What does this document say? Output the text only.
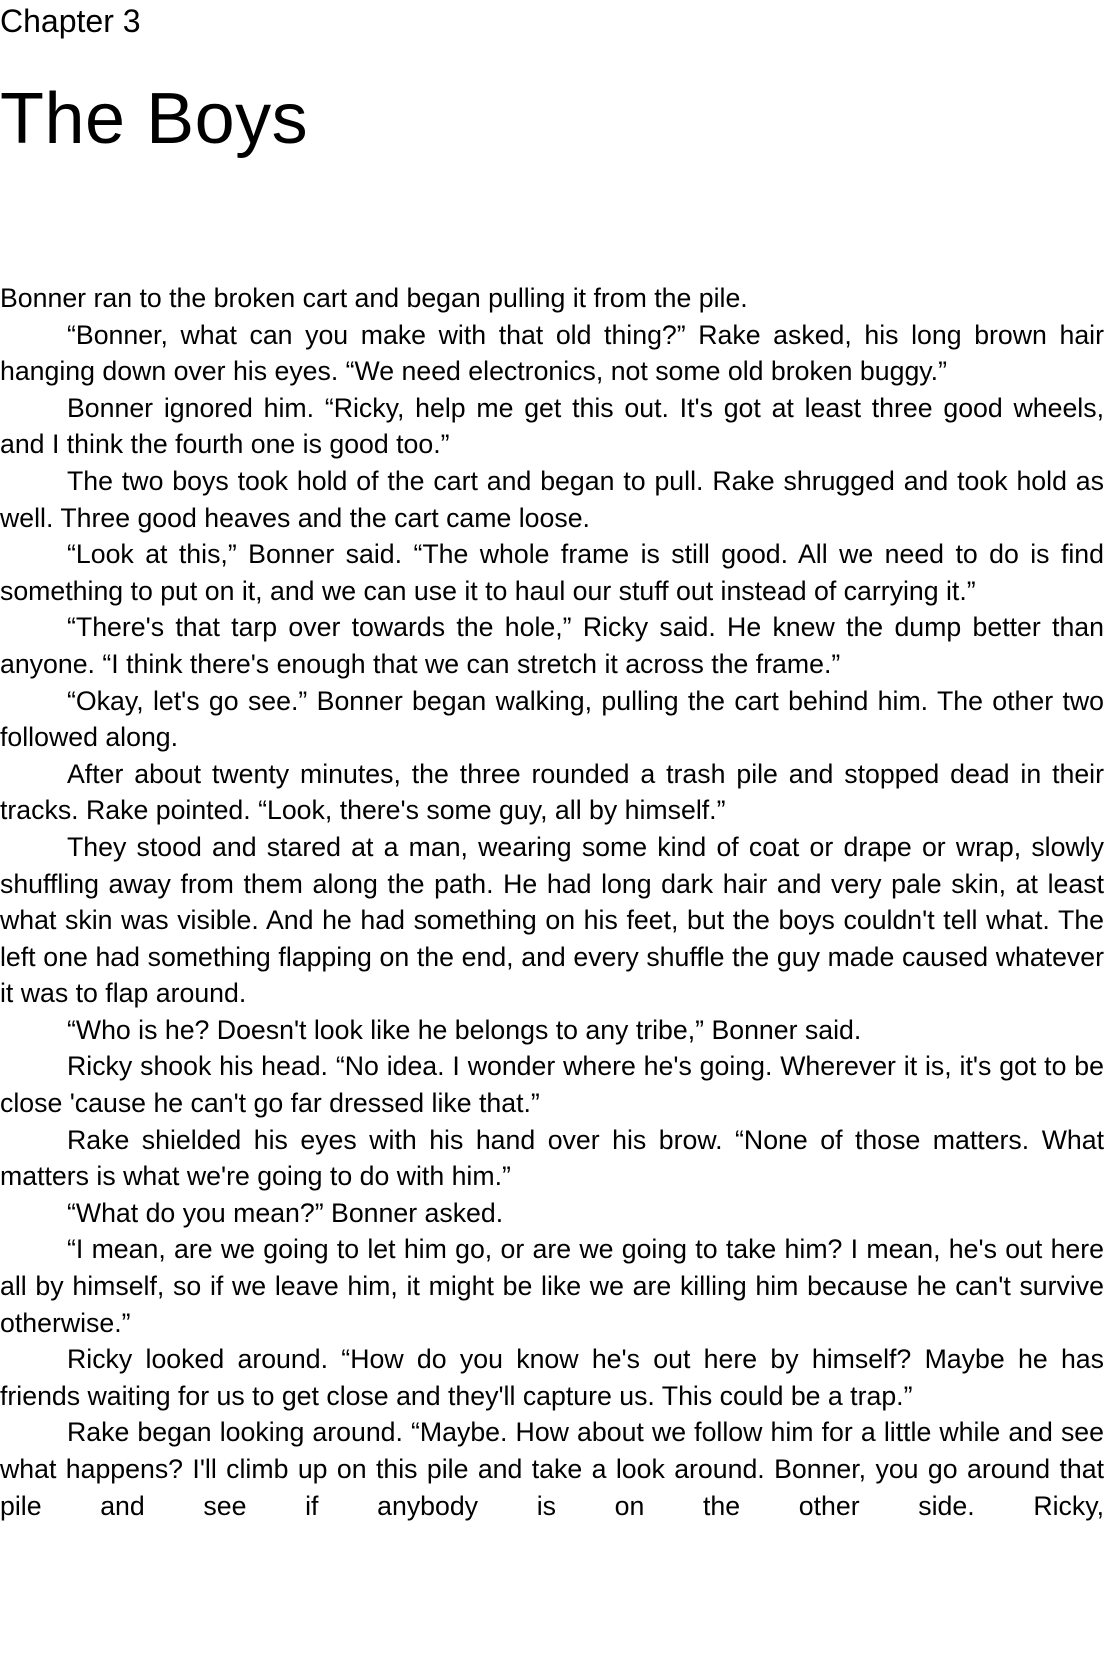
Chapter 3
The Boys

Bonner ran to the broken cart and began pulling it from the pile.

“Bonner, what can you make with that old thing?” Rake asked, his long brown hair hanging down over his eyes. “We need electronics, not some old broken buggy.”

Bonner ignored him. “Ricky, help me get this out. It's got at least three good wheels, and I think the fourth one is good too.”

The two boys took hold of the cart and began to pull. Rake shrugged and took hold as well. Three good heaves and the cart came loose.

“Look at this,” Bonner said. “The whole frame is still good. All we need to do is find something to put on it, and we can use it to haul our stuff out instead of carrying it.”

“There's that tarp over towards the hole,” Ricky said. He knew the dump better than anyone. “I think there's enough that we can stretch it across the frame.”

“Okay, let's go see.” Bonner began walking, pulling the cart behind him. The other two followed along.

After about twenty minutes, the three rounded a trash pile and stopped dead in their tracks. Rake pointed. “Look, there's some guy, all by himself.”

They stood and stared at a man, wearing some kind of coat or drape or wrap, slowly shuffling away from them along the path. He had long dark hair and very pale skin, at least what skin was visible. And he had something on his feet, but the boys couldn't tell what. The left one had something flapping on the end, and every shuffle the guy made caused whatever it was to flap around.

“Who is he? Doesn't look like he belongs to any tribe,” Bonner said.

Ricky shook his head. “No idea. I wonder where he's going. Wherever it is, it's got to be close 'cause he can't go far dressed like that.”

Rake shielded his eyes with his hand over his brow. “None of those matters. What matters is what we're going to do with him.”

“What do you mean?” Bonner asked.

“I mean, are we going to let him go, or are we going to take him? I mean, he's out here all by himself, so if we leave him, it might be like we are killing him because he can't survive otherwise.”

Ricky looked around. “How do you know he's out here by himself? Maybe he has friends waiting for us to get close and they'll capture us. This could be a trap.”

Rake began looking around. “Maybe. How about we follow him for a little while and see what happens? I'll climb up on this pile and take a look around. Bonner, you go around that pile and see if anybody is on the other side. Ricky,
